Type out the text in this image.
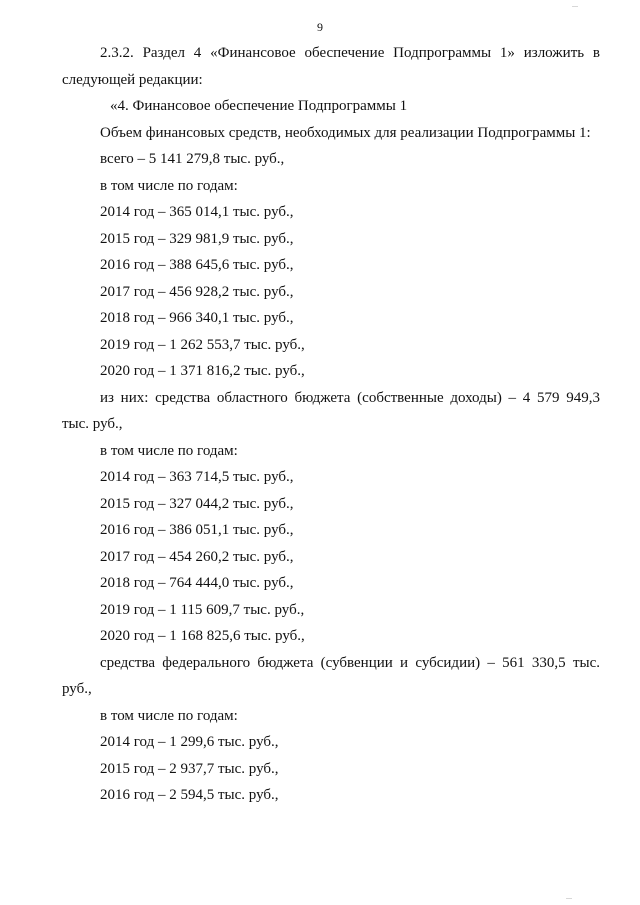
...
9

2.3.2. Раздел 4 «Финансовое обеспечение Подпрограммы 1» изложить в следующей редакции:

«4. Финансовое обеспечение Подпрограммы 1

Объем финансовых средств, необходимых для реализации Подпрограммы 1:

всего – 5 141 279,8 тыс. руб.,

в том числе по годам:

2014 год – 365 014,1 тыс. руб.,

2015 год – 329 981,9 тыс. руб.,

2016 год – 388 645,6 тыс. руб.,

2017 год – 456 928,2 тыс. руб.,

2018 год – 966 340,1 тыс. руб.,

2019 год – 1 262 553,7 тыс. руб.,

2020 год – 1 371 816,2 тыс. руб.,

из них: средства областного бюджета (собственные доходы) – 4 579 949,3 тыс. руб.,

в том числе по годам:

2014 год – 363 714,5 тыс. руб.,

2015 год – 327 044,2 тыс. руб.,

2016 год – 386 051,1 тыс. руб.,

2017 год – 454 260,2 тыс. руб.,

2018 год – 764 444,0 тыс. руб.,

2019 год – 1 115 609,7 тыс. руб.,

2020 год – 1 168 825,6 тыс. руб.,

средства федерального бюджета (субвенции и субсидии) – 561 330,5 тыс. руб.,

в том числе по годам:

2014 год – 1 299,6 тыс. руб.,

2015 год – 2 937,7 тыс. руб.,

2016 год – 2 594,5 тыс. руб.,

...
